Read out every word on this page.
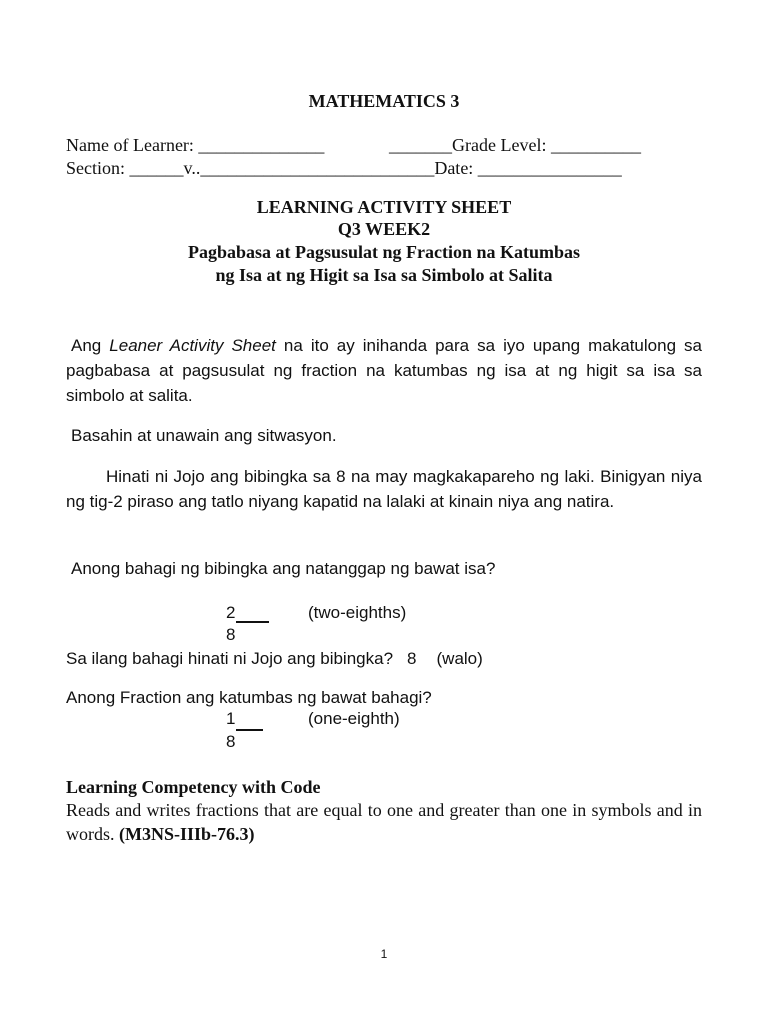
MATHEMATICS 3
Name of Learner: ______________	_______Grade Level: __________
Section: ______v..__________________________Date: ________________
LEARNING ACTIVITY SHEET
Q3 WEEK2
Pagbabasa at Pagsusulat ng Fraction na Katumbas
ng Isa at ng Higit sa Isa sa Simbolo at Salita
Ang Leaner Activity Sheet na ito ay inihanda para sa iyo upang makatulong sa pagbabasa at pagsusulat ng fraction na katumbas ng isa at ng higit sa isa sa simbolo at salita.
Basahin at unawain ang sitwasyon.
Hinati ni Jojo ang bibingka sa 8 na may magkakapareho ng laki. Binigyan niya ng tig-2 piraso ang tatlo niyang kapatid na lalaki at kinain niya ang natira.
Anong bahagi ng bibingka ang natanggap ng bawat isa?
2
8
(two-eighths)
Sa ilang bahagi hinati ni Jojo ang bibingka? 8 (walo)
Anong Fraction ang katumbas ng bawat bahagi?
1
8
(one-eighth)
Learning Competency with Code
Reads and writes fractions that are equal to one and greater than one in symbols and in words. (M3NS-IIIb-76.3)
1
